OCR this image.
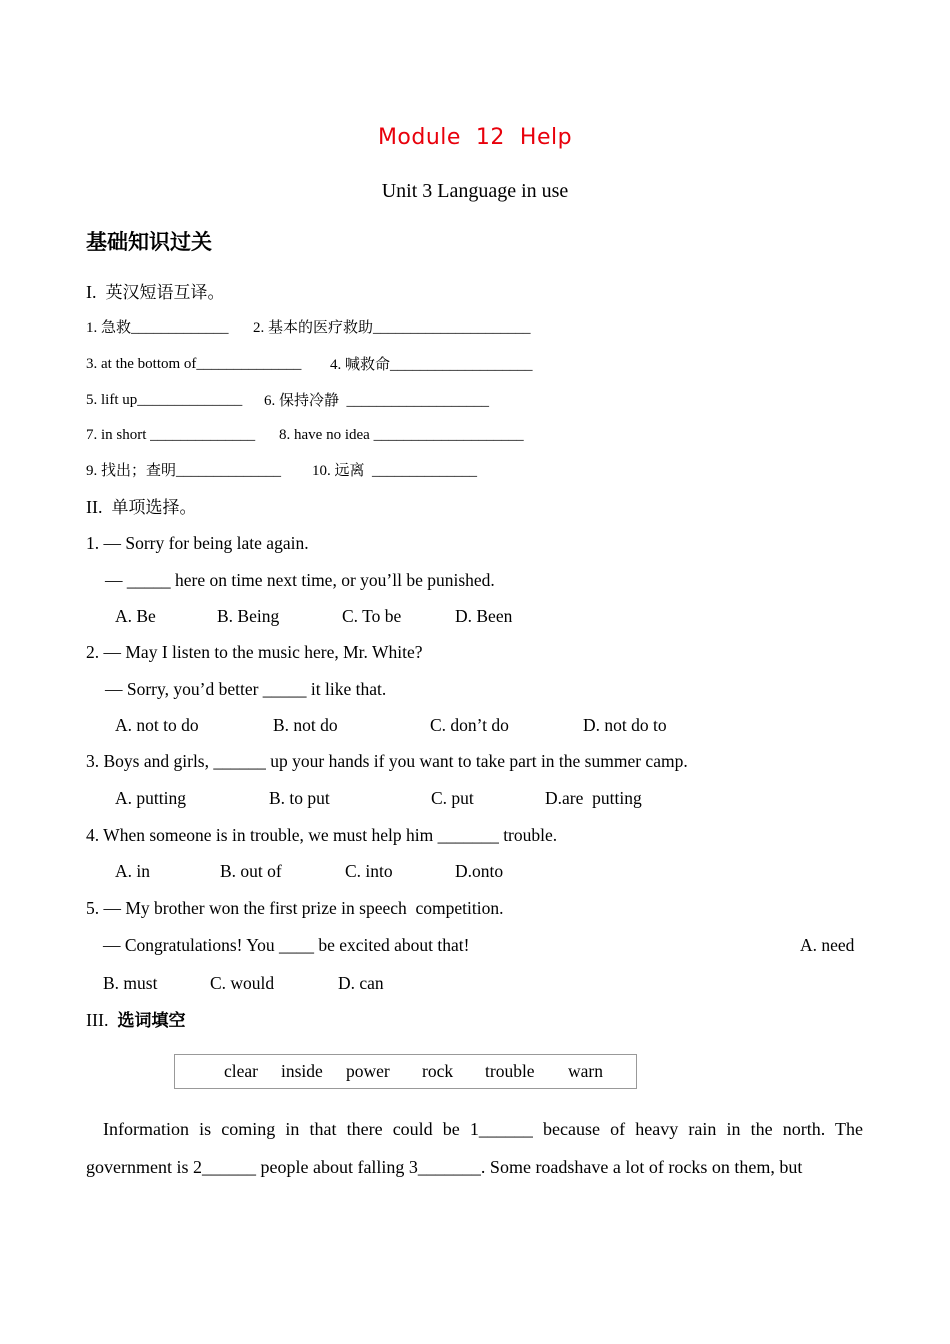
Module  12  Help
Unit 3 Language in use
基础知识过关
I. 英汉短语互译。
1. 急救_____________ 2. 基本的医疗救助_____________________
3. at the bottom of______________ 4. 喊救命___________________
5. lift up______________ 6. 保持冷静 ___________________
7. in short ______________ 8. have no idea ____________________
9. 找出；查明______________ 10. 远离 ______________
II. 单项选择。
1. — Sorry for being late again.
— _____ here on time next time, or you’ll be punished.
A. Be	B. Being	C. To be	D. Been
2. — May I listen to the music here, Mr. White?
— Sorry, you’d better _____ it like that.
A. not to do	B. not do	C. don’t do	D. not do to
3. Boys and girls, ______ up your hands if you want to take part in the summer camp.
A. putting	B. to put	C. put	D.are  putting
4. When someone is in trouble, we must help him _______ trouble.
A. in	B. out of	C. into	D.onto
5. — My brother won the first prize in speech  competition.
— Congratulations! You ____ be excited about that!	A. need
B. must	C. would	D. can
III. 选词填空
clear inside power rock trouble warn
Information is coming in that there could be 1______ because of heavy rain in the north. The
government is 2______ people about falling 3_______. Some roadshave a lot of rocks on them, but
